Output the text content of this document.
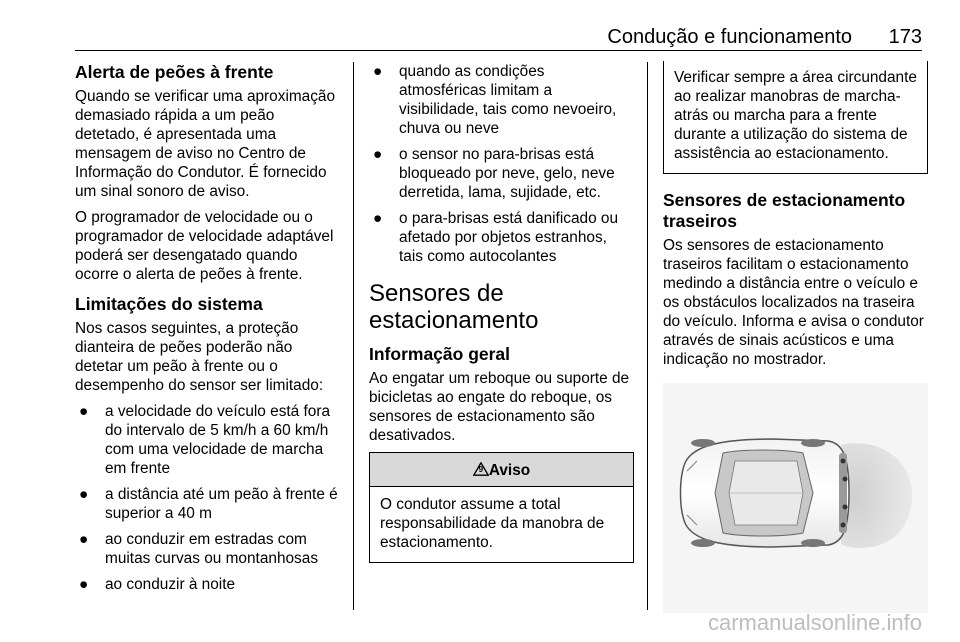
Condução e funcionamento 173
Alerta de peões à frente

Quando se verificar uma aproximação demasiado rápida a um peão detetado, é apresentada uma mensagem de aviso no Centro de Informação do Condutor. É fornecido um sinal sonoro de aviso.

O programador de velocidade ou o programador de velocidade adaptável poderá ser desengatado quando ocorre o alerta de peões à frente.

Limitações do sistema

Nos casos seguintes, a proteção dianteira de peões poderão não detetar um peão à frente ou o desempenho do sensor ser limitado:

● a velocidade do veículo está fora do intervalo de 5 km/h a 60 km/h com uma velocidade de marcha em frente
● a distância até um peão à frente é superior a 40 m
● ao conduzir em estradas com muitas curvas ou montanhosas
● ao conduzir à noite
● quando as condições atmosféricas limitam a visibilidade, tais como nevoeiro, chuva ou neve
● o sensor no para-brisas está bloqueado por neve, gelo, neve derretida, lama, sujidade, etc.
● o para-brisas está danificado ou afetado por objetos estranhos, tais como autocolantes
Sensores de estacionamento
Informação geral

Ao engatar um reboque ou suporte de bicicletas ao engate do reboque, os sensores de estacionamento são desativados.

9 Aviso
O condutor assume a total responsabilidade da manobra de estacionamento.
Verificar sempre a área circundante ao realizar manobras de marcha-atrás ou marcha para a frente durante a utilização do sistema de assistência ao estacionamento.
Sensores de estacionamento traseiros

Os sensores de estacionamento traseiros facilitam o estacionamento medindo a distância entre o veículo e os obstáculos localizados na traseira do veículo. Informa e avisa o condutor através de sinais acústicos e uma indicação no mostrador.

carmanualsonline.info
